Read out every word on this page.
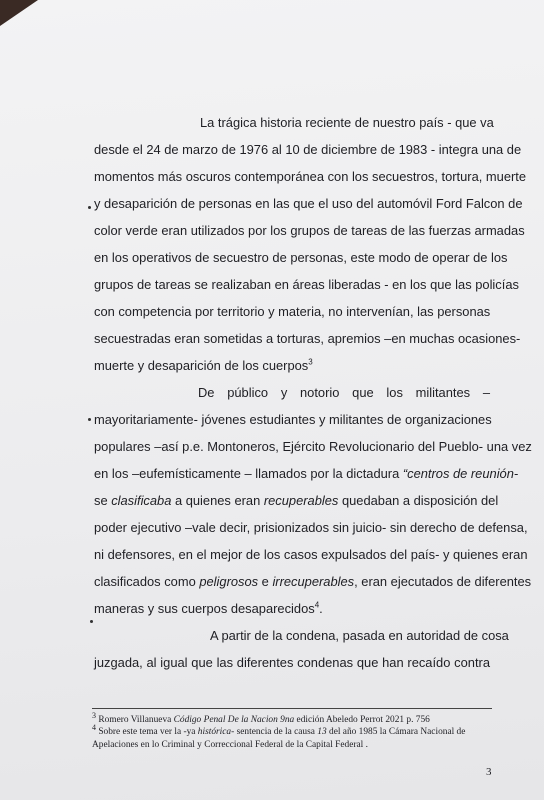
La trágica historia reciente de nuestro país - que va
desde el 24 de marzo de 1976 al 10 de diciembre de 1983 - integra una de
momentos más oscuros contemporánea con los secuestros, tortura, muerte
y desaparición de personas en las que el uso del automóvil Ford Falcon de
color verde eran utilizados por los grupos de tareas de las fuerzas armadas
en los operativos de secuestro de personas, este modo de operar de los
grupos de tareas se realizaban en áreas liberadas - en los que las policías
con competencia por territorio y materia, no intervenían, las personas
secuestradas eran sometidas a torturas, apremios –en muchas ocasiones-
muerte y desaparición de los cuerpos$^3$
De público y notorio que los militantes –
mayoritariamente- jóvenes estudiantes y militantes de organizaciones
populares –así p.e. Montoneros, Ejército Revolucionario del Pueblo- una vez
en los –eufemísticamente – llamados por la dictadura “centros de reunión-
se clasificaba a quienes eran recuperables quedaban a disposición del
poder ejecutivo –vale decir, prisionizados sin juicio- sin derecho de defensa,
ni defensores, en el mejor de los casos expulsados del país- y quienes eran
clasificados como peligrosos e irrecuperables, eran ejecutados de diferentes
maneras y sus cuerpos desaparecidos$^4$.
A partir de la condena, pasada en autoridad de cosa
juzgada, al igual que las diferentes condenas que han recaído contra
$^3$ Romero Villanueva Código Penal De la Nacion 9na edición Abeledo Perrot 2021 p. 756
$^4$ Sobre este tema ver la -ya histórica- sentencia de la causa 13 del año 1985 la Cámara Nacional de
Apelaciones en lo Criminal y Correccional Federal de la Capital Federal .
3
